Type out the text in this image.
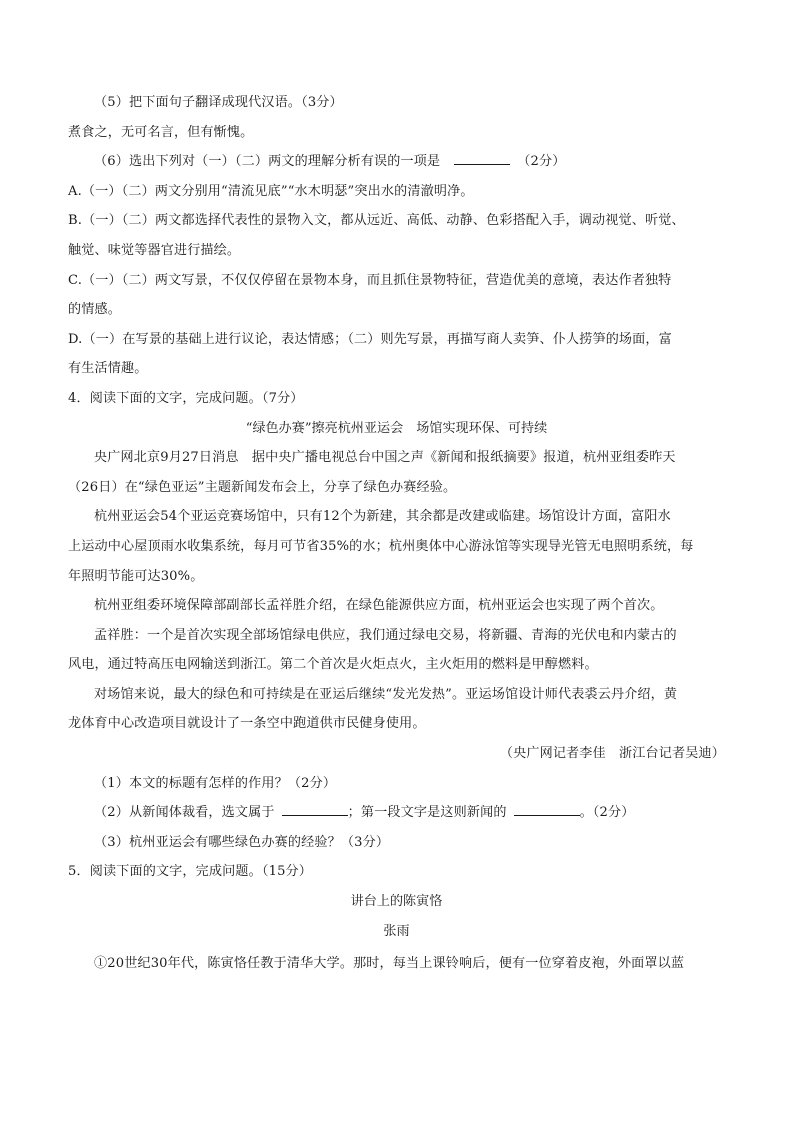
（5）把下面句子翻译成现代汉语。（3分）
煮食之，无可名言，但有惭愧。
（6）选出下列对（一）（二）两文的理解分析有误的一项是	（2分）
A.（一）（二）两文分别用“清流见底”“水木明瑟”突出水的清澈明净。
B.（一）（二）两文都选择代表性的景物入文，都从远近、高低、动静、色彩搭配入手，调动视觉、听觉、
触觉、味觉等器官进行描绘。
C.（一）（二）两文写景，不仅仅停留在景物本身，而且抓住景物特征，营造优美的意境，表达作者独特
的情感。
D.（一）在写景的基础上进行议论，表达情感；（二）则先写景，再描写商人卖笋、仆人捞笋的场面，富
有生活情趣。
4．阅读下面的文字，完成问题。（7分）
“绿色办赛”擦亮杭州亚运会　场馆实现环保、可持续
央广网北京9月27日消息　据中央广播电视总台中国之声《新闻和报纸摘要》报道，杭州亚组委昨天
（26日）在“绿色亚运”主题新闻发布会上，分享了绿色办赛经验。
杭州亚运会54个亚运竞赛场馆中，只有12个为新建，其余都是改建或临建。场馆设计方面，富阳水
上运动中心屋顶雨水收集系统，每月可节省35%的水；杭州奥体中心游泳馆等实现导光管无电照明系统，每
年照明节能可达30%。
杭州亚组委环境保障部副部长孟祥胜介绍，在绿色能源供应方面，杭州亚运会也实现了两个首次。
孟祥胜：一个是首次实现全部场馆绿电供应，我们通过绿电交易，将新疆、青海的光伏电和内蒙古的
风电，通过特高压电网输送到浙江。第二个首次是火炬点火，主火炬用的燃料是甲醇燃料。
对场馆来说，最大的绿色和可持续是在亚运后继续“发光发热”。亚运场馆设计师代表裘云丹介绍，黄
龙体育中心改造项目就设计了一条空中跑道供市民健身使用。
（央广网记者李佳　浙江台记者吴迪）
（1）本文的标题有怎样的作用？（2分）
（2）从新闻体裁看，选文属于	；第一段文字是这则新闻的	。（2分）
（3）杭州亚运会有哪些绿色办赛的经验？（3分）
5．阅读下面的文字，完成问题。（15分）
讲台上的陈寅恪
张雨
①20世纪30年代，陈寅恪任教于清华大学。那时，每当上课铃响后，便有一位穿着皮袍，外面罩以蓝
